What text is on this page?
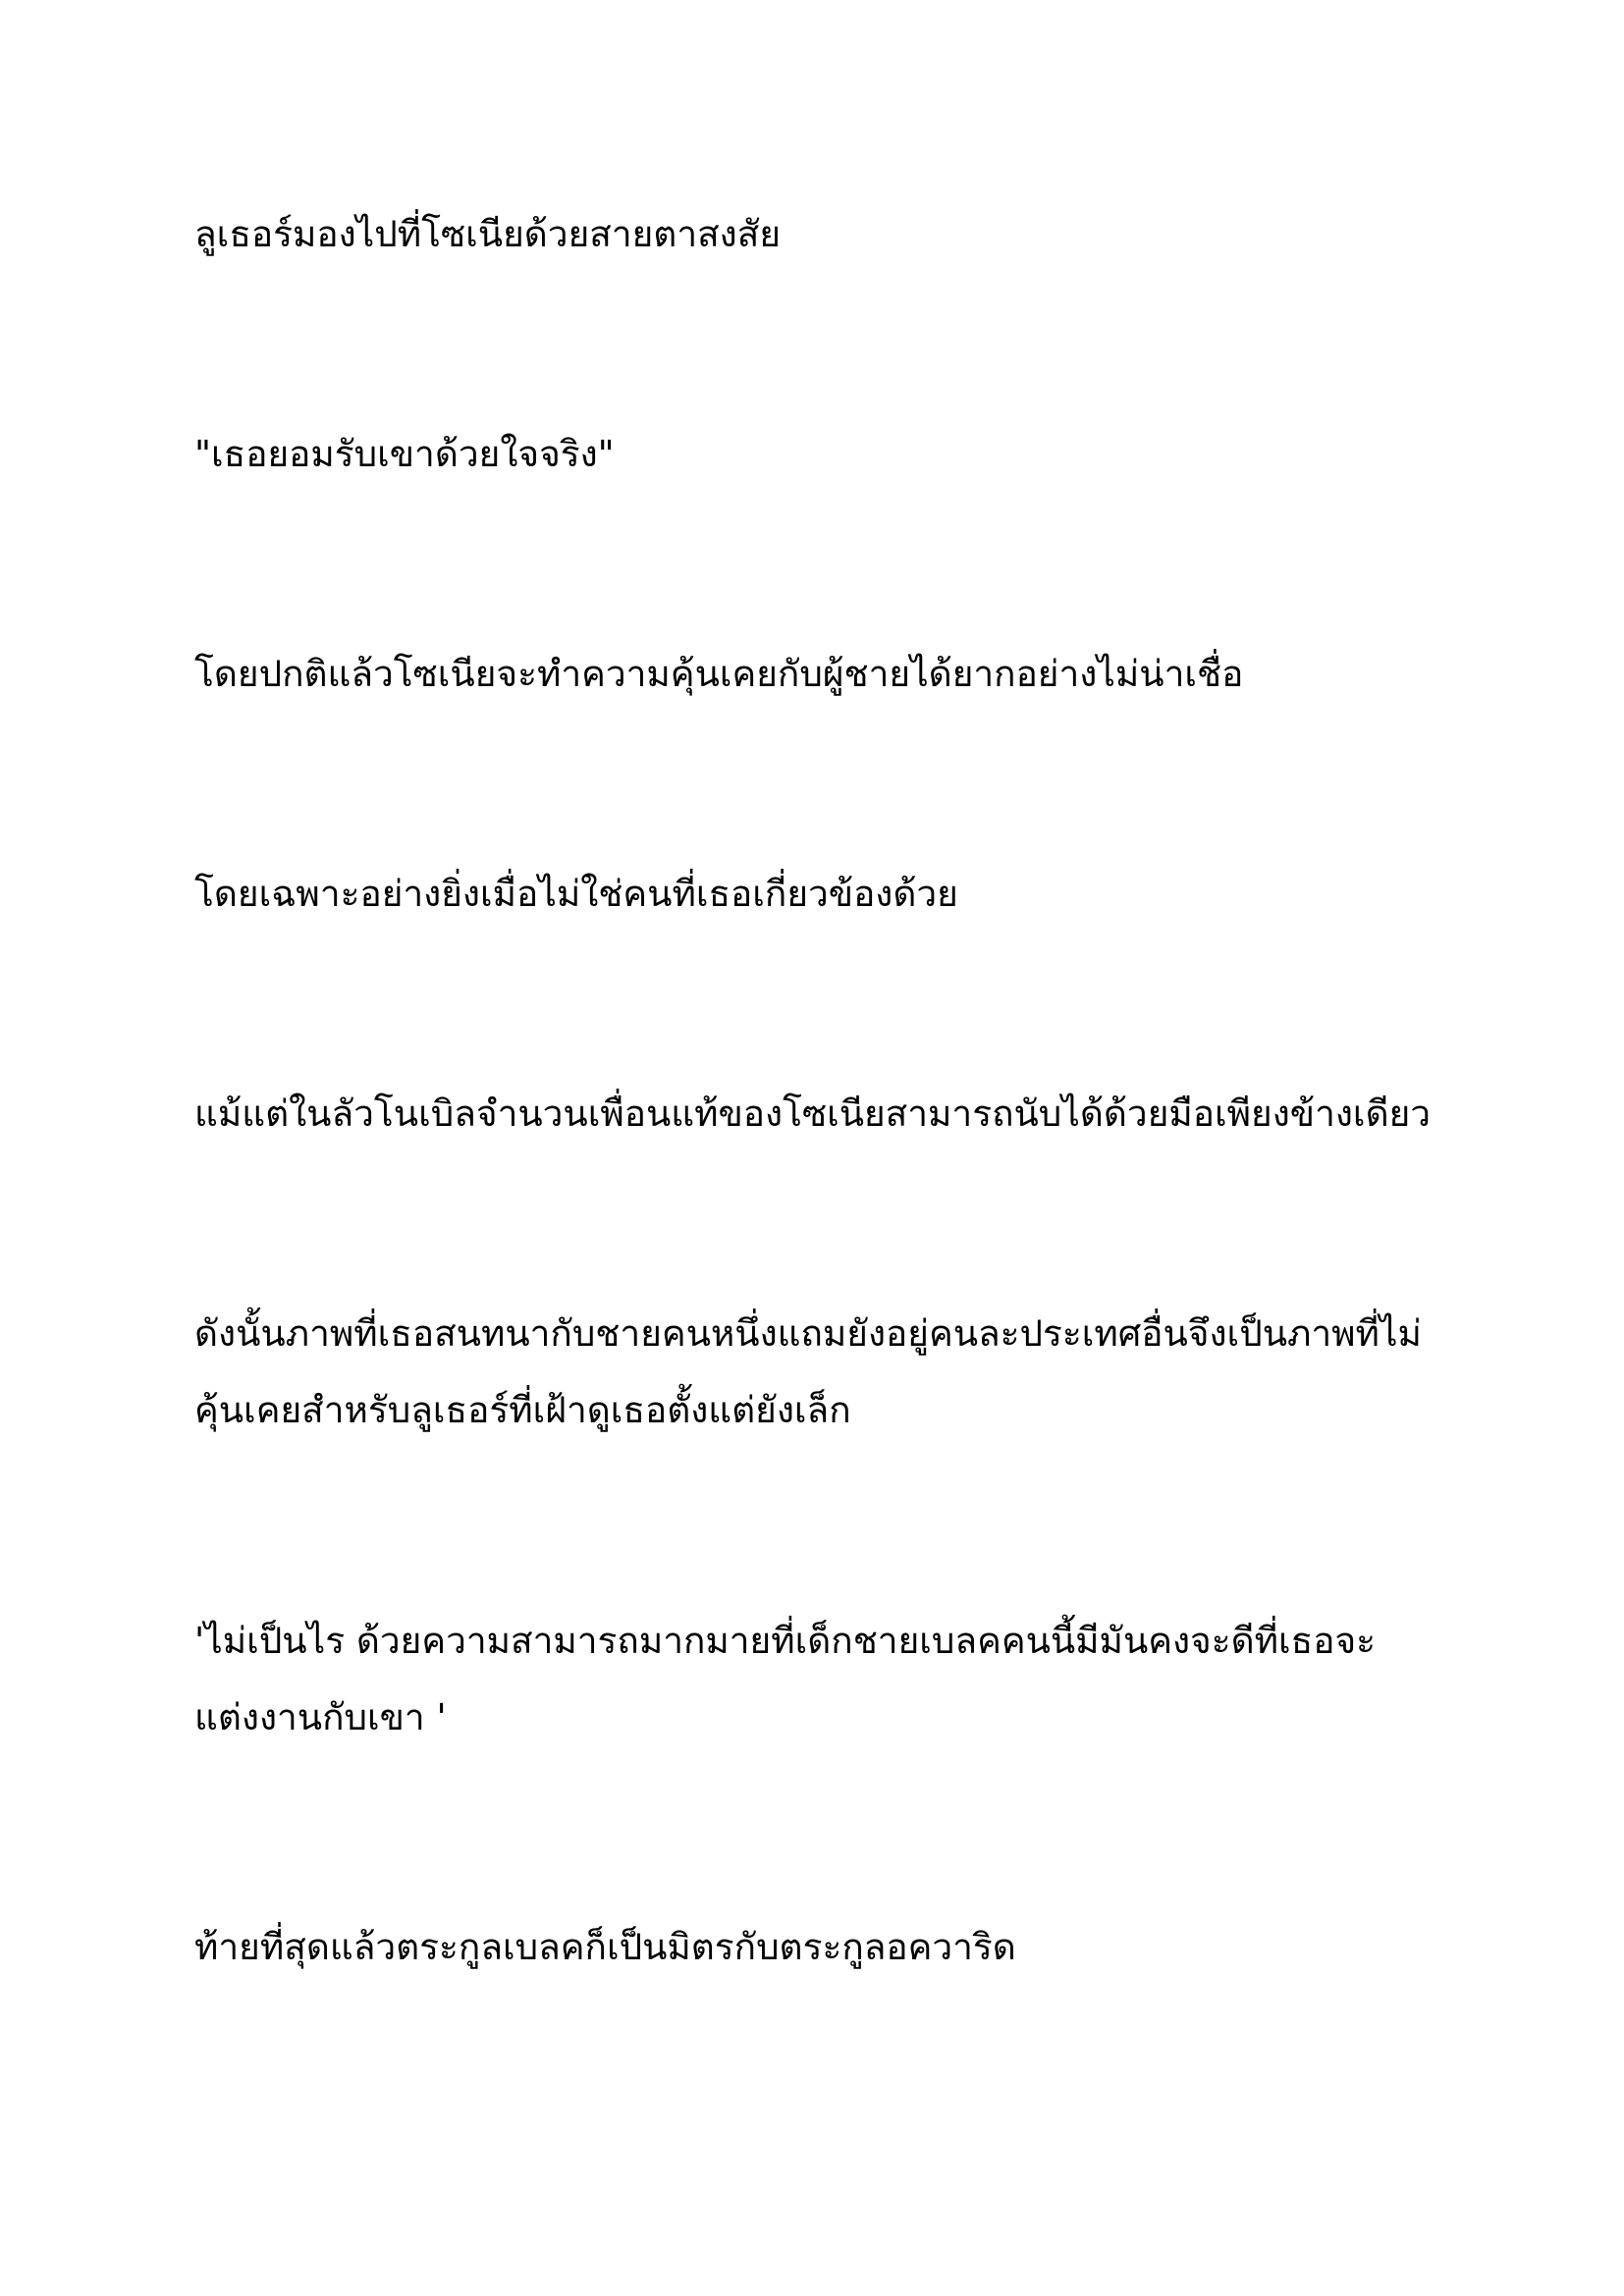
ลูเธอร์มองไปที่โซเนียด้วยสายตาสงสัย

"เธอยอมรับเขาด้วยใจจริง"

โดยปกติแล้วโซเนียจะทำความคุ้นเคยกับผู้ชายได้ยากอย่างไม่น่าเชื่อ

โดยเฉพาะอย่างยิ่งเมื่อไม่ใช่คนที่เธอเกี่ยวข้องด้วย

แม้แต่ในลัวโนเบิลจำนวนเพื่อนแท้ของโซเนียสามารถนับได้ด้วยมือเพียงข้างเดียว

ดังนั้นภาพที่เธอสนทนากับชายคนหนึ่งแถมยังอยู่คนละประเทศอื่นจึงเป็นภาพที่ไม่คุ้นเคยสำหรับลูเธอร์ที่เฝ้าดูเธอตั้งแต่ยังเล็ก

'ไม่เป็นไร ด้วยความสามารถมากมายที่เด็กชายเบลคคนนี้มีมันคงจะดีที่เธอจะแต่งงานกับเขา '

ท้ายที่สุดแล้วตระกูลเบลคก็เป็นมิตรกับตระกูลอควาริด
